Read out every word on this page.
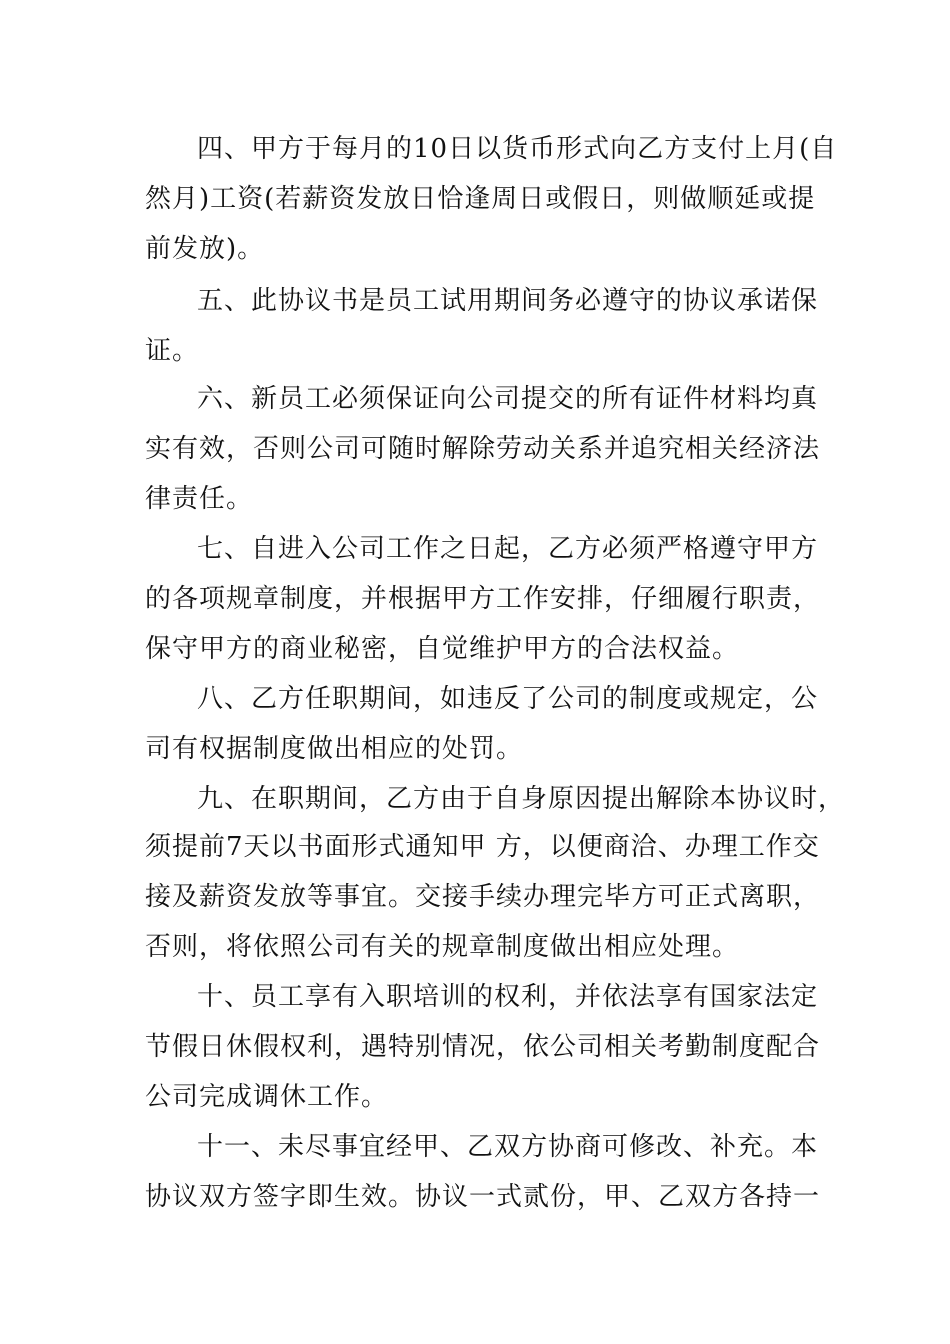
四、甲方于每月的10日以货币形式向乙方支付上月(自
然月)工资(若薪资发放日恰逢周日或假日，则做顺延或提
前发放)。
五、此协议书是员工试用期间务必遵守的协议承诺保
证。
六、新员工必须保证向公司提交的所有证件材料均真
实有效，否则公司可随时解除劳动关系并追究相关经济法
律责任。
七、自进入公司工作之日起，乙方必须严格遵守甲方
的各项规章制度，并根据甲方工作安排，仔细履行职责，
保守甲方的商业秘密，自觉维护甲方的合法权益。
八、乙方任职期间，如违反了公司的制度或规定，公
司有权据制度做出相应的处罚。
九、在职期间，乙方由于自身原因提出解除本协议时，
须提前7天以书面形式通知甲 方，以便商洽、办理工作交
接及薪资发放等事宜。交接手续办理完毕方可正式离职，
否则，将依照公司有关的规章制度做出相应处理。
十、员工享有入职培训的权利，并依法享有国家法定
节假日休假权利，遇特别情况，依公司相关考勤制度配合
公司完成调休工作。
十一、未尽事宜经甲、乙双方协商可修改、补充。本
协议双方签字即生效。协议一式贰份，甲、乙双方各持一
